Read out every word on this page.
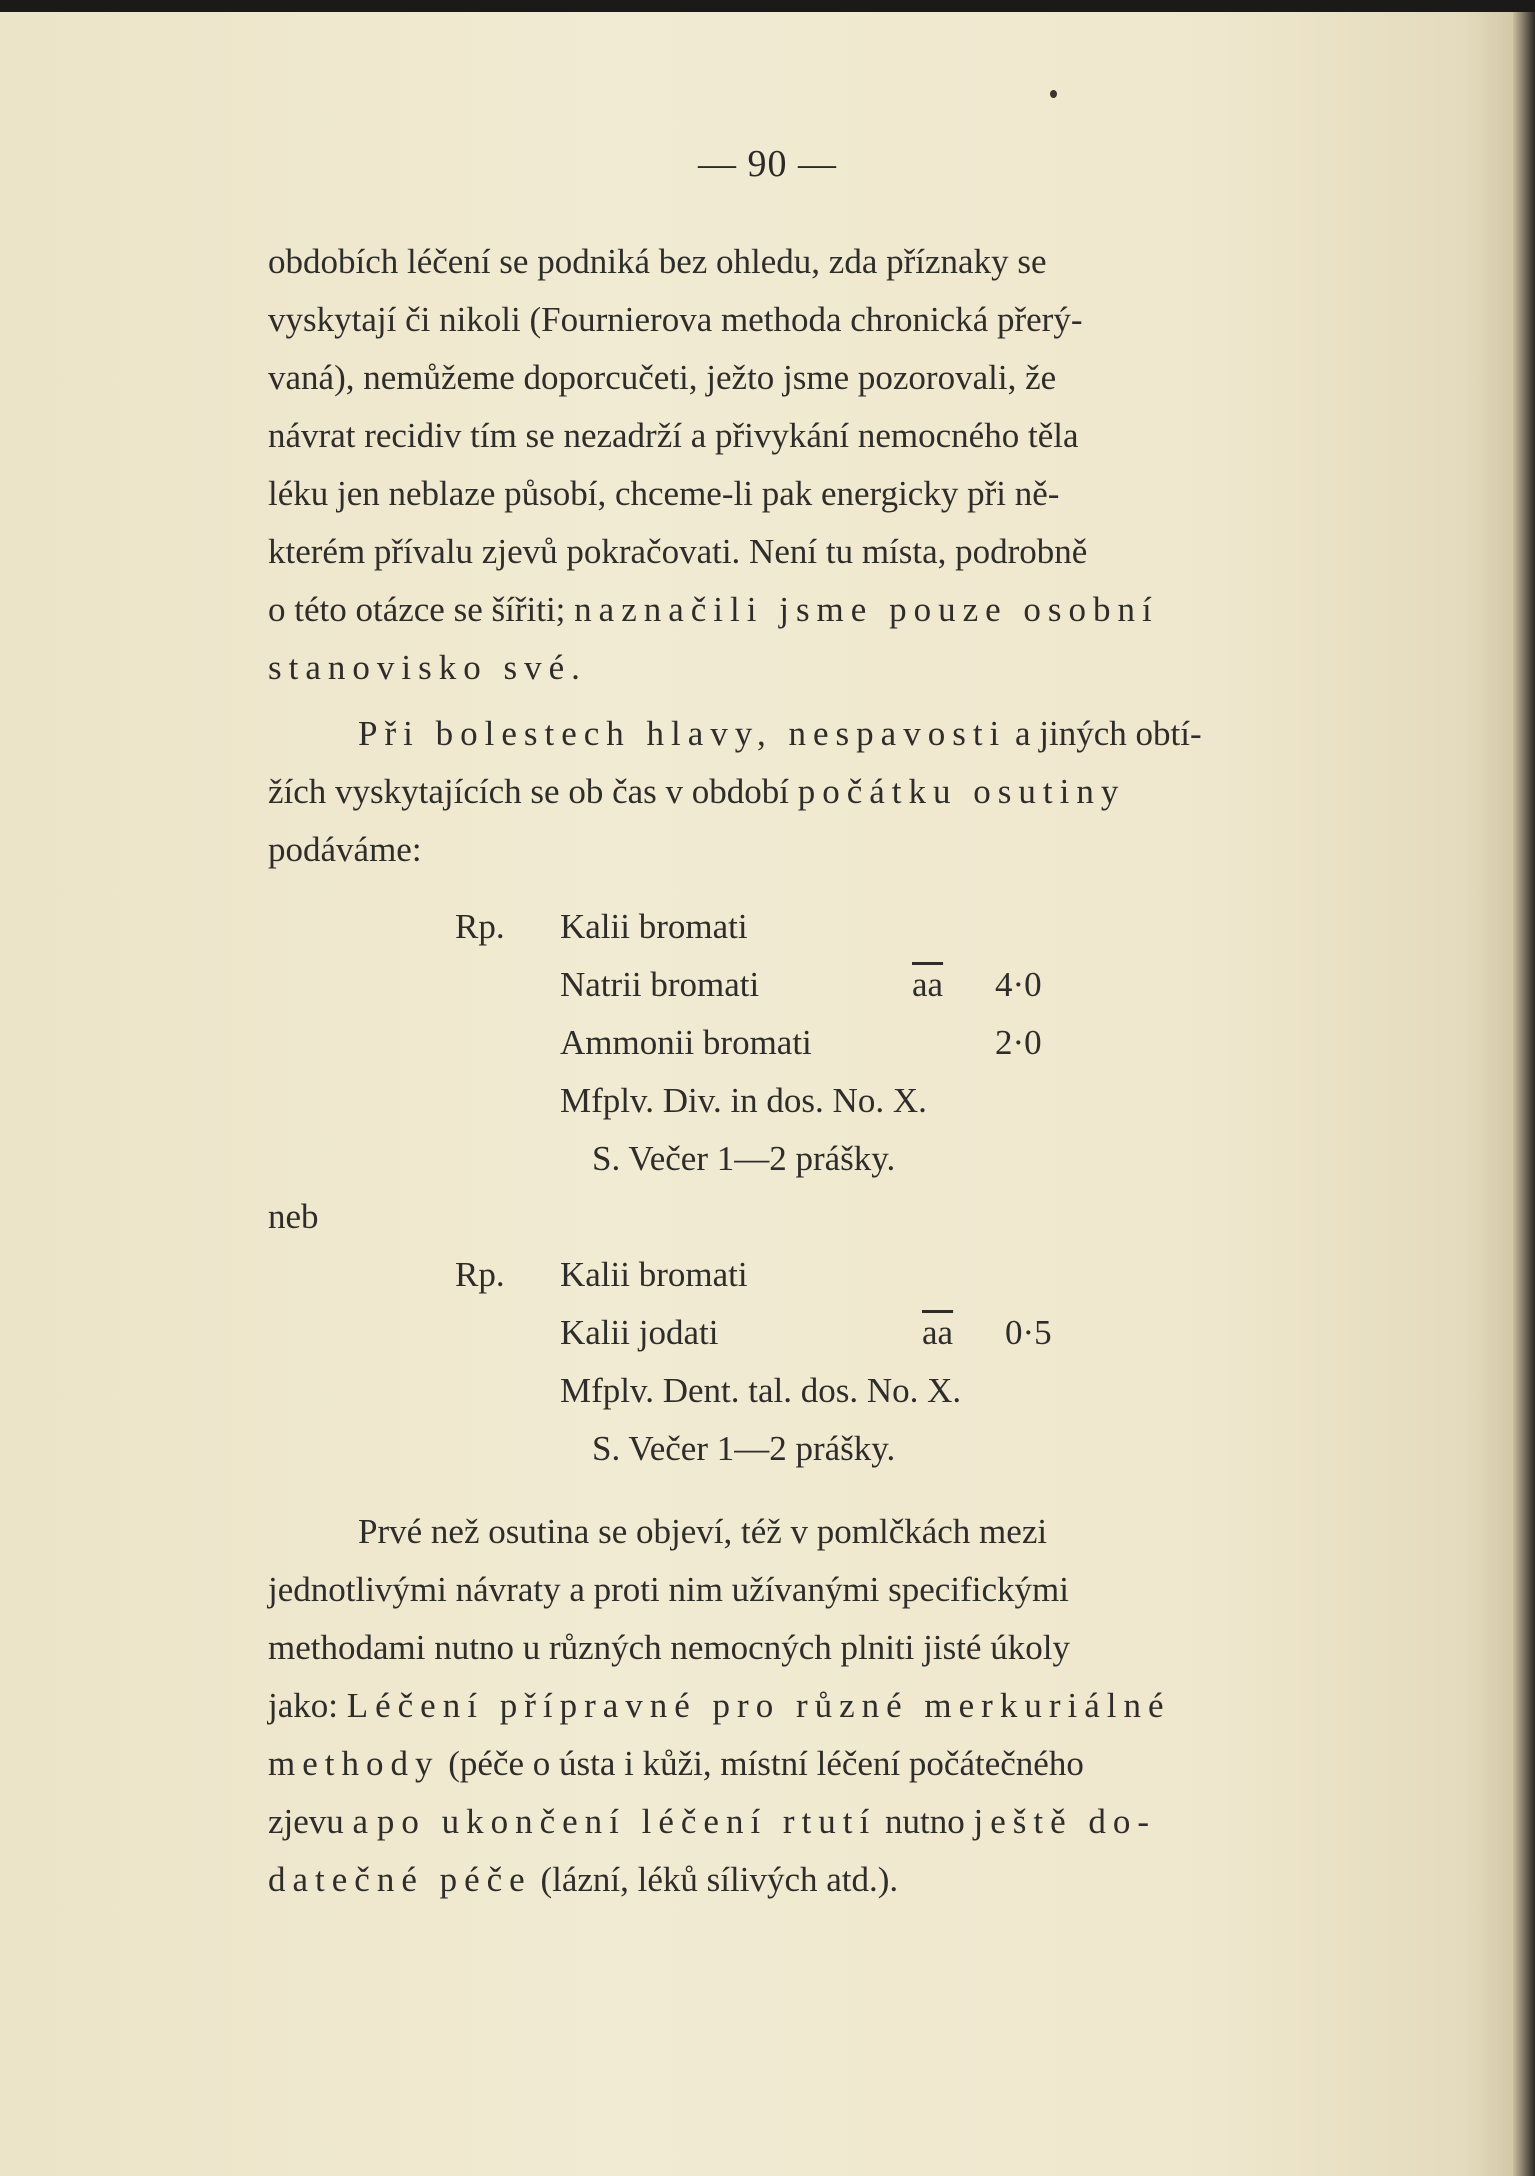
— 90 —

obdobích léčení se podniká bez ohledu, zda příznaky se
vyskytají či nikoli (Fournierova methoda chronická přerý-
vaná), nemůžeme doporcučeti, ježto jsme pozorovali, že
návrat recidiv tím se nezadrží a přivykání nemocného těla
léku jen neblaze působí, chceme-li pak energicky při ně-
kterém přívalu zjevů pokračovati. Není tu místa, podrobně
o této otázce se šířiti; naznačili jsme pouze osobní
stanovisko své.

Při bolestech hlavy, nespavosti a jiných obtí-
žích vyskytajících se ob čas v období počátku osutiny
podáváme:

Rp. Kalii bromati
Natrii bromati	$\overline{aa}$ 4·0
Ammonii bromati	2·0
Mfplv. Div. in dos. No. X.
S. Večer 1—2 prášky.
neb
Rp. Kalii bromati
Kalii jodati	$\overline{aa}$ 0·5
Mfplv. Dent. tal. dos. No. X.
S. Večer 1—2 prášky.

Prvé než osutina se objeví, též v pomlčkách mezi
jednotlivými návraty a proti nim užívanými specifickými
methodami nutno u různých nemocných plniti jisté úkoly
jako: Léčení přípravné pro různé merkuriálné
methody (péče o ústa i kůži, místní léčení počátečného
zjevu a po ukončení léčení rtutí nutno ještě do-
datečné péče (lázní, léků sílivých atd.).
